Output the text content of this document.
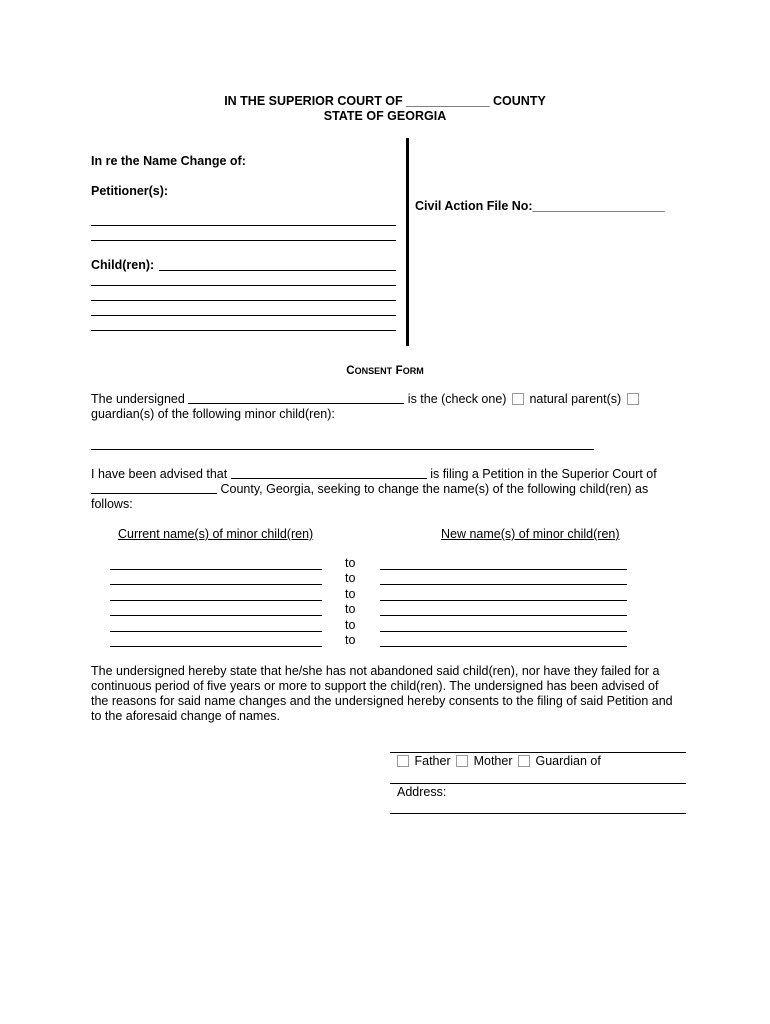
IN THE SUPERIOR COURT OF ____________ COUNTY
STATE OF GEORGIA
In re the Name Change of:
Petitioner(s):
Child(ren):
Civil Action File No:___________________
CONSENT FORM
The undersigned	is the (check one) natural parent(s)
guardian(s) of the following minor child(ren):
I have been advised that	is filing a Petition in the Superior Court of
County, Georgia, seeking to change the name(s) of the following child(ren) as
follows:
Current name(s) of minor child(ren)	New name(s) of minor child(ren)
to
to
to
to
to
to
The undersigned hereby state that he/she has not abandoned said child(ren), nor have they failed for a
continuous period of five years or more to support the child(ren). The undersigned has been advised of
the reasons for said name changes and the undersigned hereby consents to the filing of said Petition and
to the aforesaid change of names.
Father Mother Guardian of
Address:
